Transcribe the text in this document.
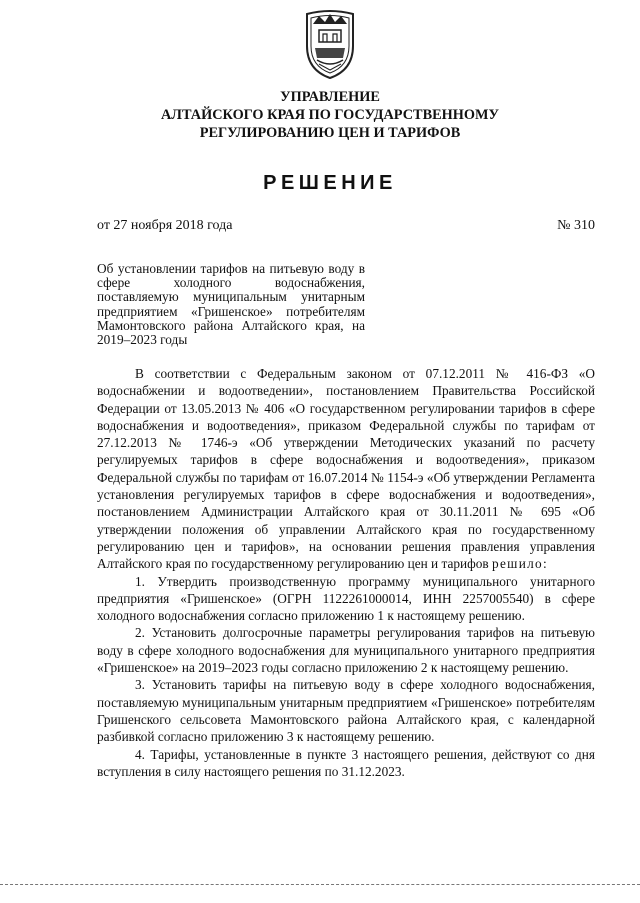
УПРАВЛЕНИЕ
АЛТАЙСКОГО КРАЯ ПО ГОСУДАРСТВЕННОМУ
РЕГУЛИРОВАНИЮ ЦЕН И ТАРИФОВ
РЕШЕНИЕ
от 27 ноября 2018 года	№ 310
Об установлении тарифов на питьевую воду в сфере холодного водоснабжения, поставляемую муниципальным унитарным предприятием «Гришенское» потребителям Мамонтовского района Алтайского края, на 2019–2023 годы

В соответствии с Федеральным законом от 07.12.2011 № 416-ФЗ «О водоснабжении и водоотведении», постановлением Правительства Российской Федерации от 13.05.2013 № 406 «О государственном регулировании тарифов в сфере водоснабжения и водоотведения», приказом Федеральной службы по тарифам от 27.12.2013 № 1746-э «Об утверждении Методических указаний по расчету регулируемых тарифов в сфере водоснабжения и водоотведения», приказом Федеральной службы по тарифам от 16.07.2014 № 1154-э «Об утверждении Регламента установления регулируемых тарифов в сфере водоснабжения и водоотведения», постановлением Администрации Алтайского края от 30.11.2011 № 695 «Об утверждении положения об управлении Алтайского края по государственному регулированию цен и тарифов», на основании решения правления управления Алтайского края по государственному регулированию цен и тарифов решило:

1. Утвердить производственную программу муниципального унитарного предприятия «Гришенское» (ОГРН 1122261000014, ИНН 2257005540) в сфере холодного водоснабжения согласно приложению 1 к настоящему решению.

2. Установить долгосрочные параметры регулирования тарифов на питьевую воду в сфере холодного водоснабжения для муниципального унитарного предприятия «Гришенское» на 2019–2023 годы согласно приложению 2 к настоящему решению.

3. Установить тарифы на питьевую воду в сфере холодного водоснабжения, поставляемую муниципальным унитарным предприятием «Гришенское» потребителям Гришенского сельсовета Мамонтовского района Алтайского края, с календарной разбивкой согласно приложению 3 к настоящему решению.

4. Тарифы, установленные в пункте 3 настоящего решения, действуют со дня вступления в силу настоящего решения по 31.12.2023.
